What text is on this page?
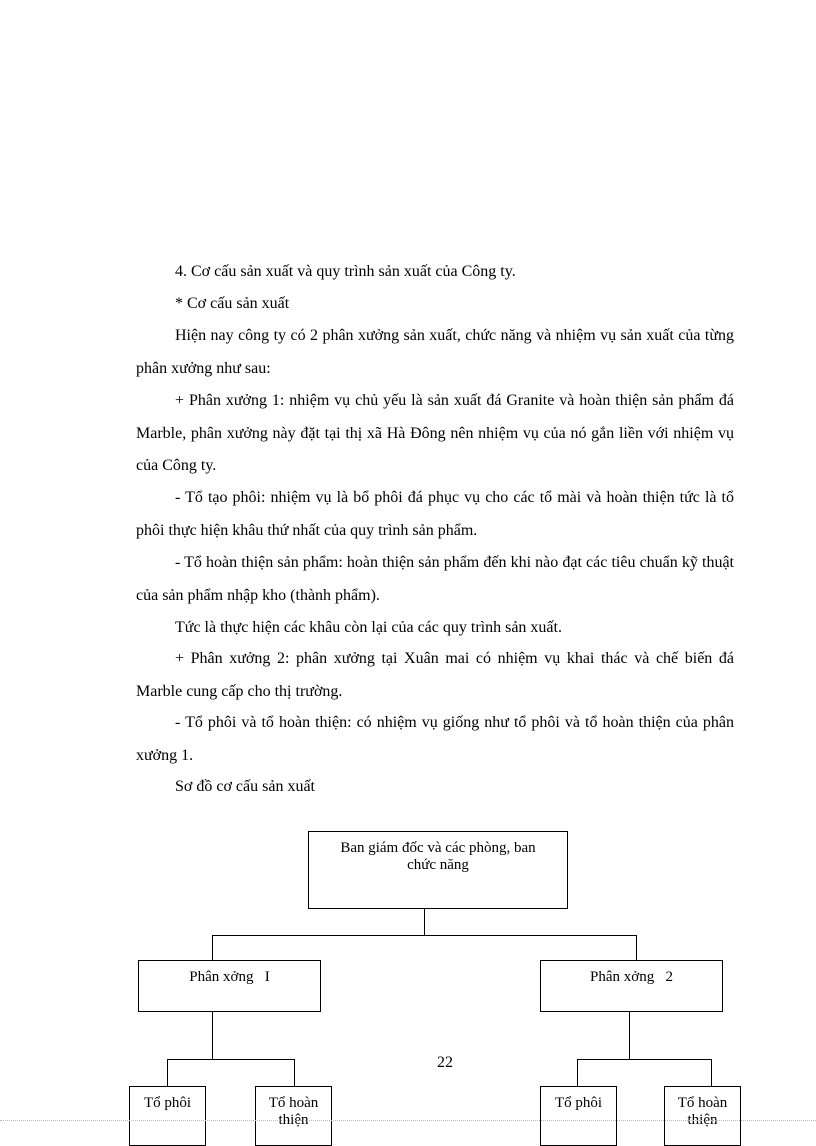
4. Cơ cấu sản xuất và quy trình sản xuất của Công ty.

* Cơ cấu sản xuất

Hiện nay công ty có 2 phân xưởng sản xuất, chức năng và nhiệm vụ sản xuất của từng phân xưởng như sau:

+ Phân xưởng 1: nhiệm vụ chủ yếu là sản xuất đá Granite và hoàn thiện sản phẩm đá Marble, phân xưởng này đặt tại thị xã Hà Đông nên nhiệm vụ của nó gắn liền với nhiệm vụ của Công ty.

- Tổ tạo phôi: nhiệm vụ là bổ phôi đá phục vụ cho các tổ mài và hoàn thiện tức là tổ phôi thực hiện khâu thứ nhất của quy trình sản phẩm.

- Tổ hoàn thiện sản phẩm: hoàn thiện sản phẩm đến khi nào đạt các tiêu chuẩn kỹ thuật của sản phẩm nhập kho (thành phẩm).

Tức là thực hiện các khâu còn lại của các quy trình sản xuất.

+ Phân xưởng 2: phân xưởng tại Xuân mai có nhiệm vụ khai thác và chế biến đá Marble cung cấp cho thị trường.

- Tổ phôi và tổ hoàn thiện: có nhiệm vụ giống như tổ phôi và tổ hoàn thiện của phân xưởng 1.

Sơ đồ cơ cấu sản xuất

Ban giám đốc và các phòng, ban chức năng
Phân xởng   I	Phân xởng   2
Tổ phôi	Tổ hoàn thiện
Tổ phôi	Tổ hoàn thiện
22
